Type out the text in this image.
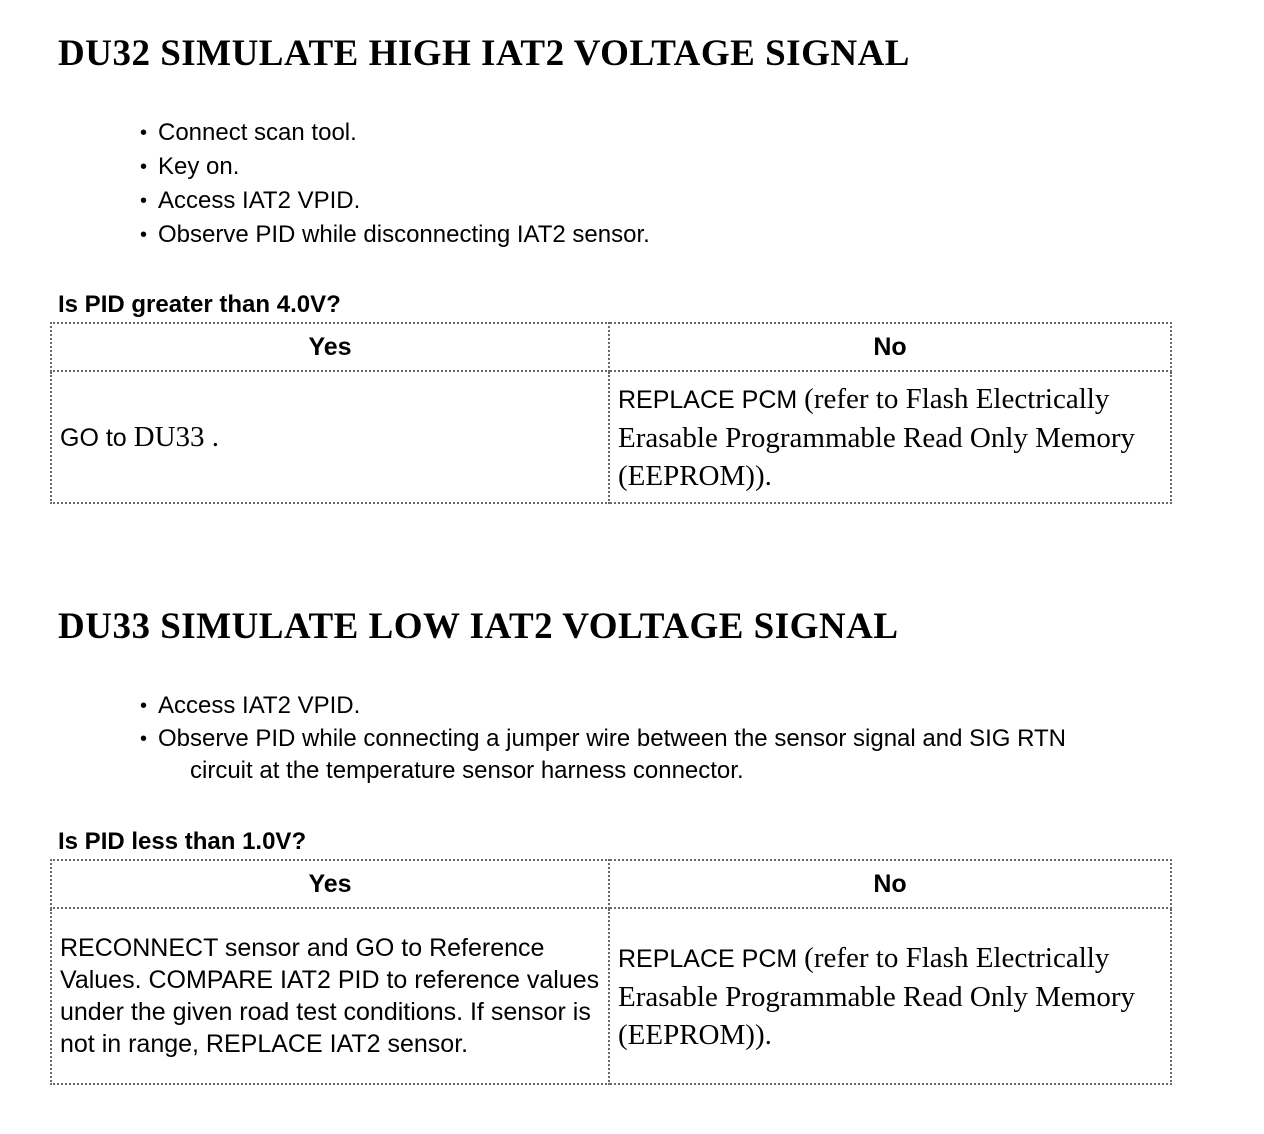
DU32 SIMULATE HIGH IAT2 VOLTAGE SIGNAL
• Connect scan tool.
• Key on.
• Access IAT2 VPID.
• Observe PID while disconnecting IAT2 sensor.

Is PID greater than 4.0V?

Yes	No
GO to DU33 .	REPLACE PCM (refer to Flash Electrically Erasable Programmable Read Only Memory (EEPROM)).
DU33 SIMULATE LOW IAT2 VOLTAGE SIGNAL
• Access IAT2 VPID.
• Observe PID while connecting a jumper wire between the sensor signal and SIG RTN
circuit at the temperature sensor harness connector.

Is PID less than 1.0V?

Yes	No
RECONNECT sensor and GO to Reference Values. COMPARE IAT2 PID to reference values under the given road test conditions. If sensor is not in range, REPLACE IAT2 sensor.	REPLACE PCM (refer to Flash Electrically Erasable Programmable Read Only Memory (EEPROM)).
